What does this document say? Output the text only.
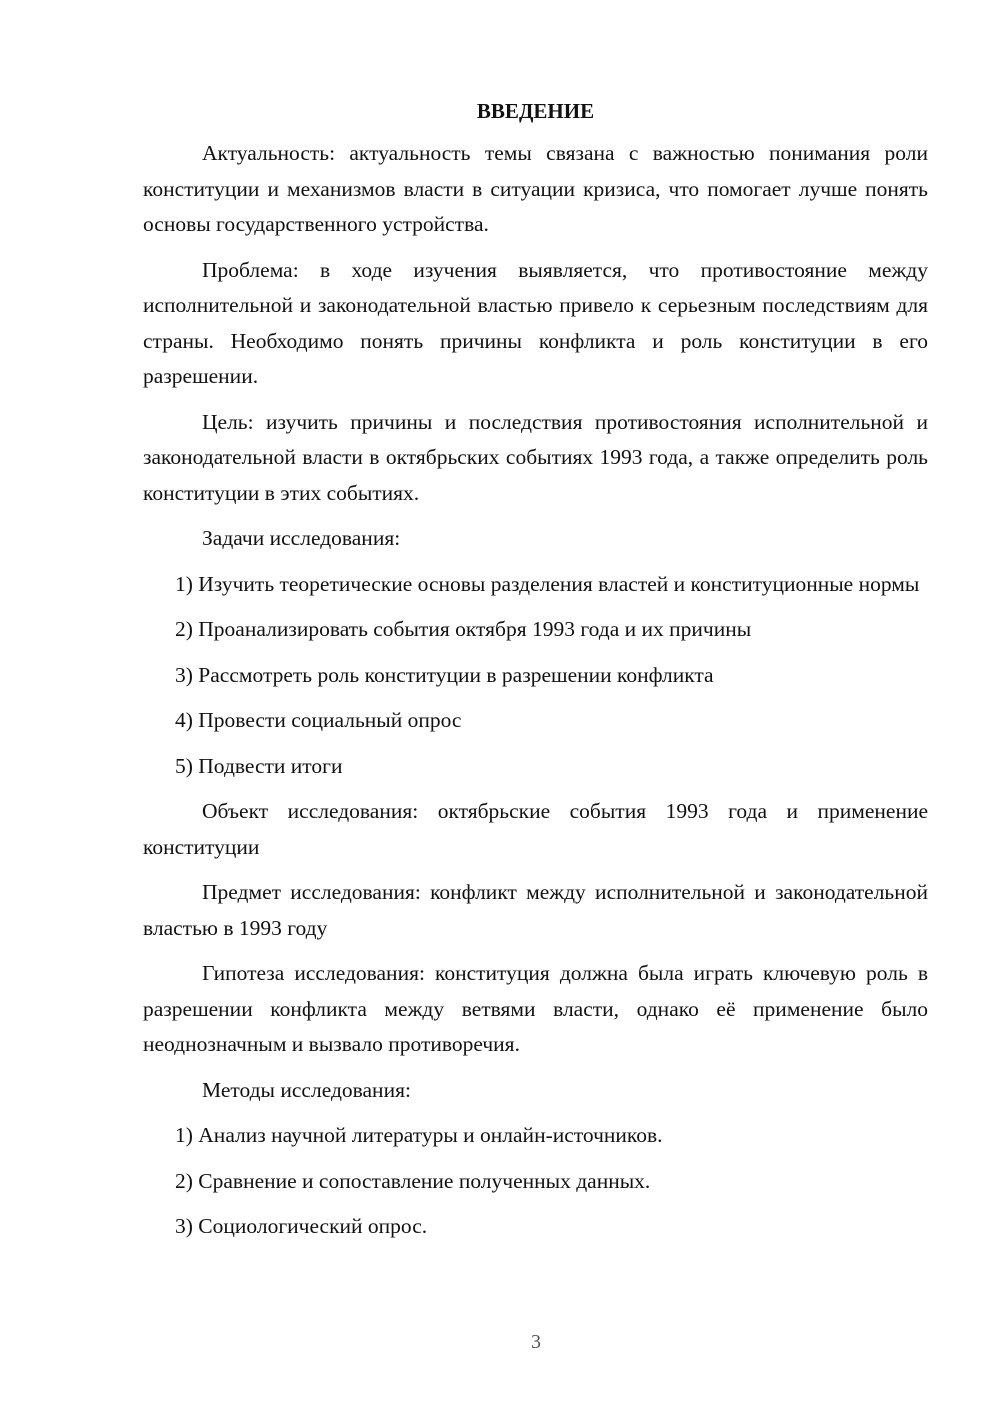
ВВЕДЕНИЕ

Актуальность: актуальность темы связана с важностью понимания роли конституции и механизмов власти в ситуации кризиса, что помогает лучше понять основы государственного устройства.

Проблема: в ходе изучения выявляется, что противостояние между исполнительной и законодательной властью привело к серьезным последствиям для страны. Необходимо понять причины конфликта и роль конституции в его разрешении.

Цель: изучить причины и последствия противостояния исполнительной и законодательной власти в октябрьских событиях 1993 года, а также определить роль конституции в этих событиях.

Задачи исследования:

1) Изучить теоретические основы разделения властей и конституционные нормы

2) Проанализировать события октября 1993 года и их причины

3) Рассмотреть роль конституции в разрешении конфликта

4) Провести социальный опрос

5) Подвести итоги

Объект исследования: октябрьские события 1993 года и применение конституции

Предмет исследования: конфликт между исполнительной и законодательной властью в 1993 году

Гипотеза исследования: конституция должна была играть ключевую роль в разрешении конфликта между ветвями власти, однако её применение было неоднозначным и вызвало противоречия.

Методы исследования:

1) Анализ научной литературы и онлайн-источников.

2) Сравнение и сопоставление полученных данных.

3) Социологический опрос.

3
